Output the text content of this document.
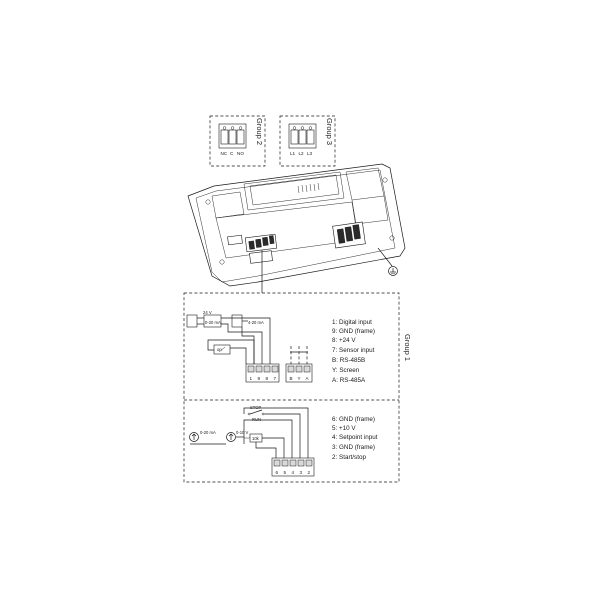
NC C NO
Group 2
L1 L2 L3
Group 3
Group 1
24 V
0-20 mA	4-20 mA
on
1 9 8 7	B Y A
1: Digital input
9: GND (frame)
8: +24 V
7: Sensor input
B: RS-485B
Y: Screen
A: RS-485A
0-20 mA	0-10 V
10k
STOP
RUN
6 5 4 3 2
6: GND (frame)
5: +10 V
4: Setpoint input
3: GND (frame)
2: Start/stop
